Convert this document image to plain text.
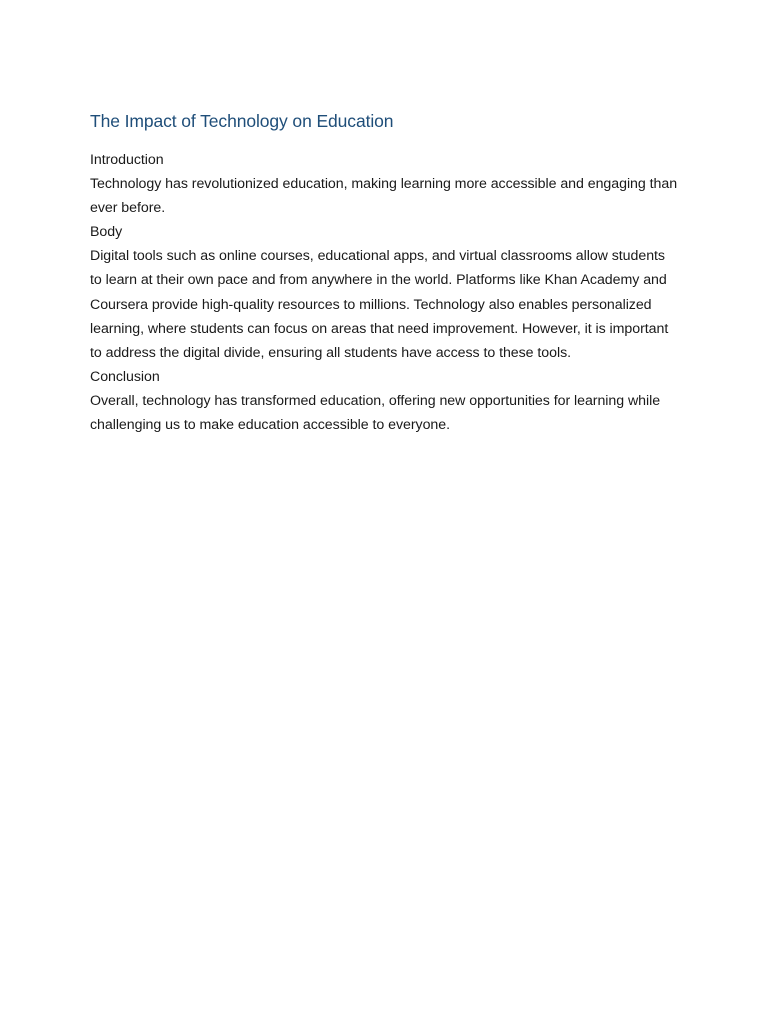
The Impact of Technology on Education

Introduction

Technology has revolutionized education, making learning more accessible and engaging than ever before.

Body

Digital tools such as online courses, educational apps, and virtual classrooms allow students to learn at their own pace and from anywhere in the world. Platforms like Khan Academy and Coursera provide high-quality resources to millions. Technology also enables personalized learning, where students can focus on areas that need improvement. However, it is important to address the digital divide, ensuring all students have access to these tools.

Conclusion

Overall, technology has transformed education, offering new opportunities for learning while challenging us to make education accessible to everyone.
